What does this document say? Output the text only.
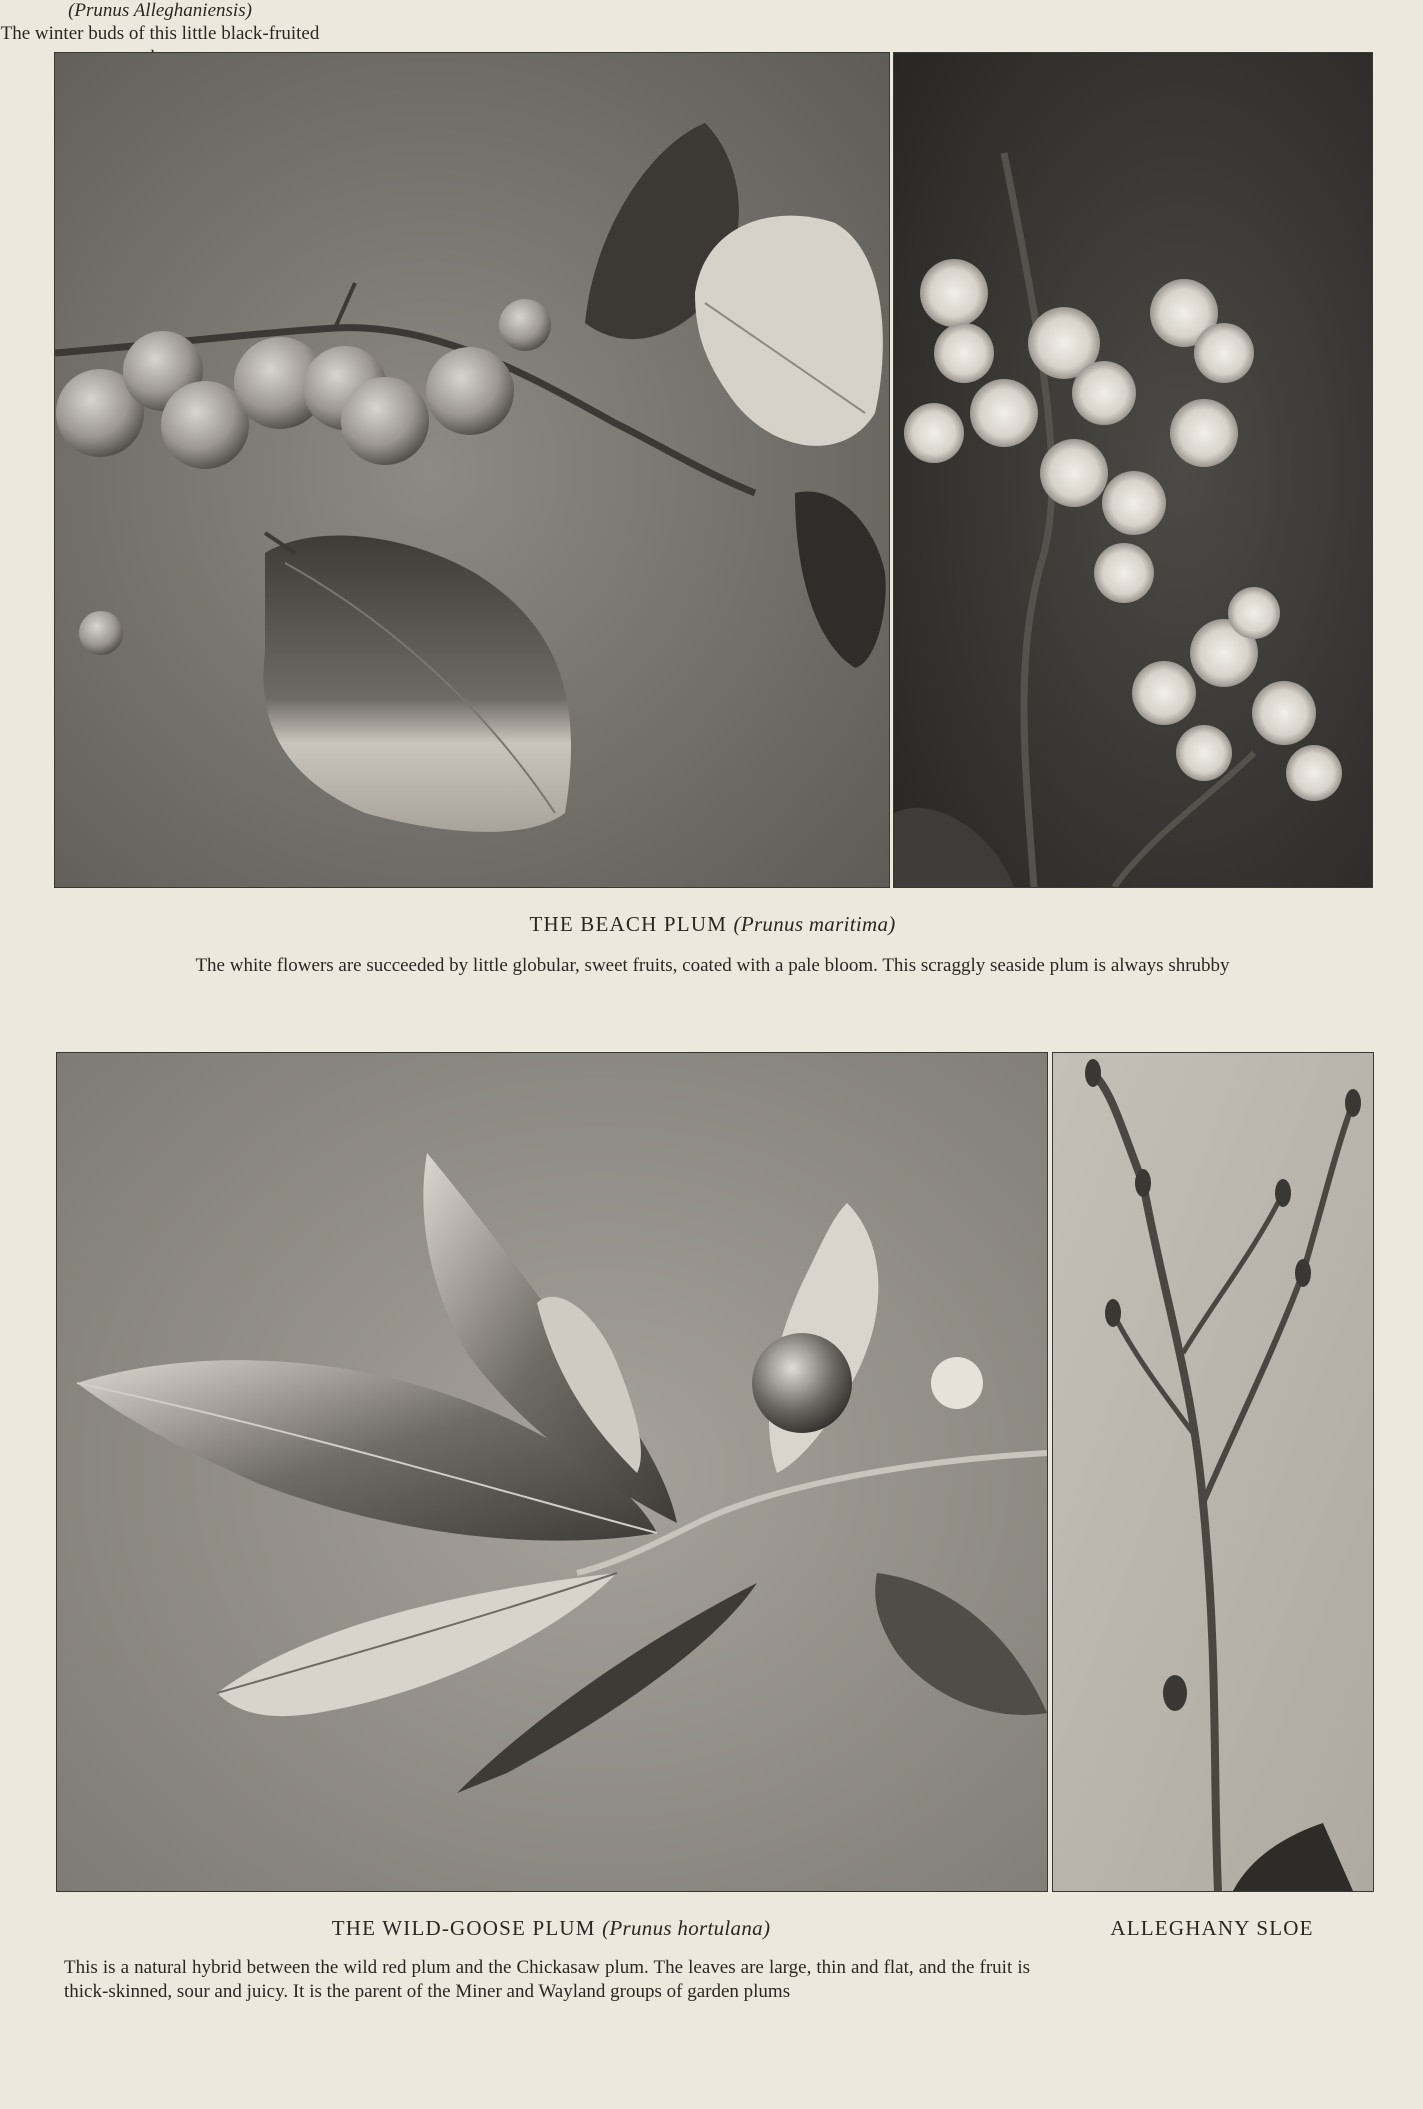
THE BEACH PLUM (Prunus maritima)
The white flowers are succeeded by little globular, sweet fruits, coated with a pale bloom. This scraggly seaside plum is always shrubby
THE WILD-GOOSE PLUM (Prunus hortulana)
This is a natural hybrid between the wild red plum and the Chickasaw plum. The leaves are large, thin and flat, and the fruit is thick-skinned, sour and juicy. It is the parent of the Miner and Wayland groups of garden plums
ALLEGHANY SLOE
(Prunus Alleghaniensis)
The winter buds of this little black-fruited
